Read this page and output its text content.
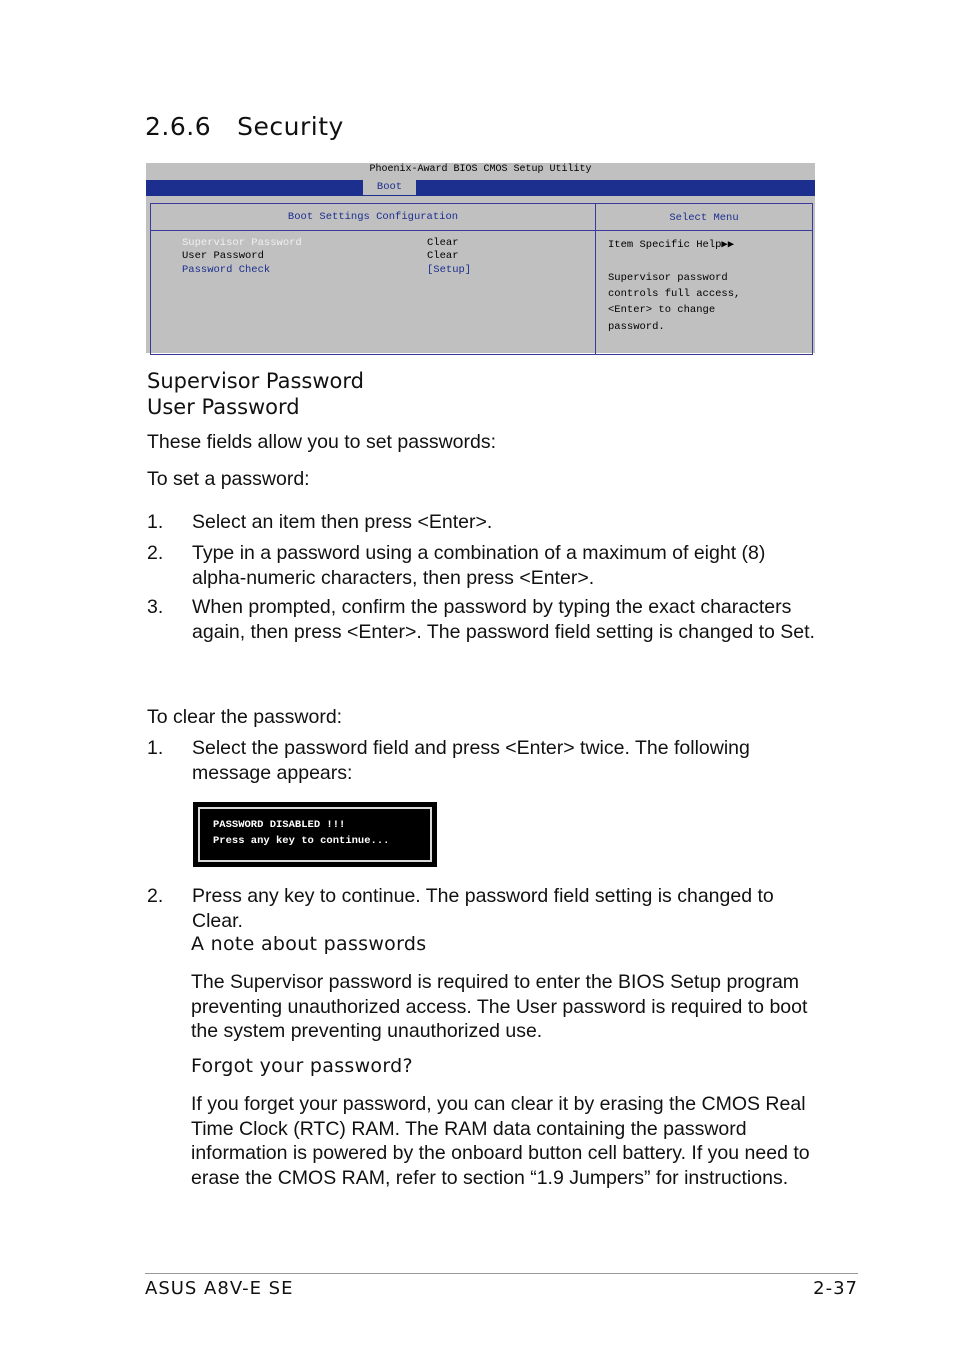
2.6.6 Security
Phoenix-Award BIOS CMOS Setup Utility
Boot
Boot Settings Configuration	Select Menu
Supervisor Password	Clear
User Password	Clear
Password Check	[Setup]
Item Specific Help▶▶
Supervisor password
controls full access,
<Enter> to change
password.
Supervisor Password
User Password

These fields allow you to set passwords:

To set a password:

1. Select an item then press <Enter>.
2. Type in a password using a combination of a maximum of eight (8) alpha-numeric characters, then press <Enter>.
3. When prompted, confirm the password by typing the exact characters again, then press <Enter>. The password field setting is changed to Set.

To clear the password:

1. Select the password field and press <Enter> twice. The following message appears:
PASSWORD DISABLED !!!
Press any key to continue...
2. Press any key to continue. The password field setting is changed to Clear.
A note about passwords

The Supervisor password is required to enter the BIOS Setup program preventing unauthorized access. The User password is required to boot the system preventing unauthorized use.

Forgot your password?

If you forget your password, you can clear it by erasing the CMOS Real Time Clock (RTC) RAM. The RAM data containing the password information is powered by the onboard button cell battery. If you need to erase the CMOS RAM, refer to section “1.9 Jumpers” for instructions.

ASUS A8V-E SE	2-37
